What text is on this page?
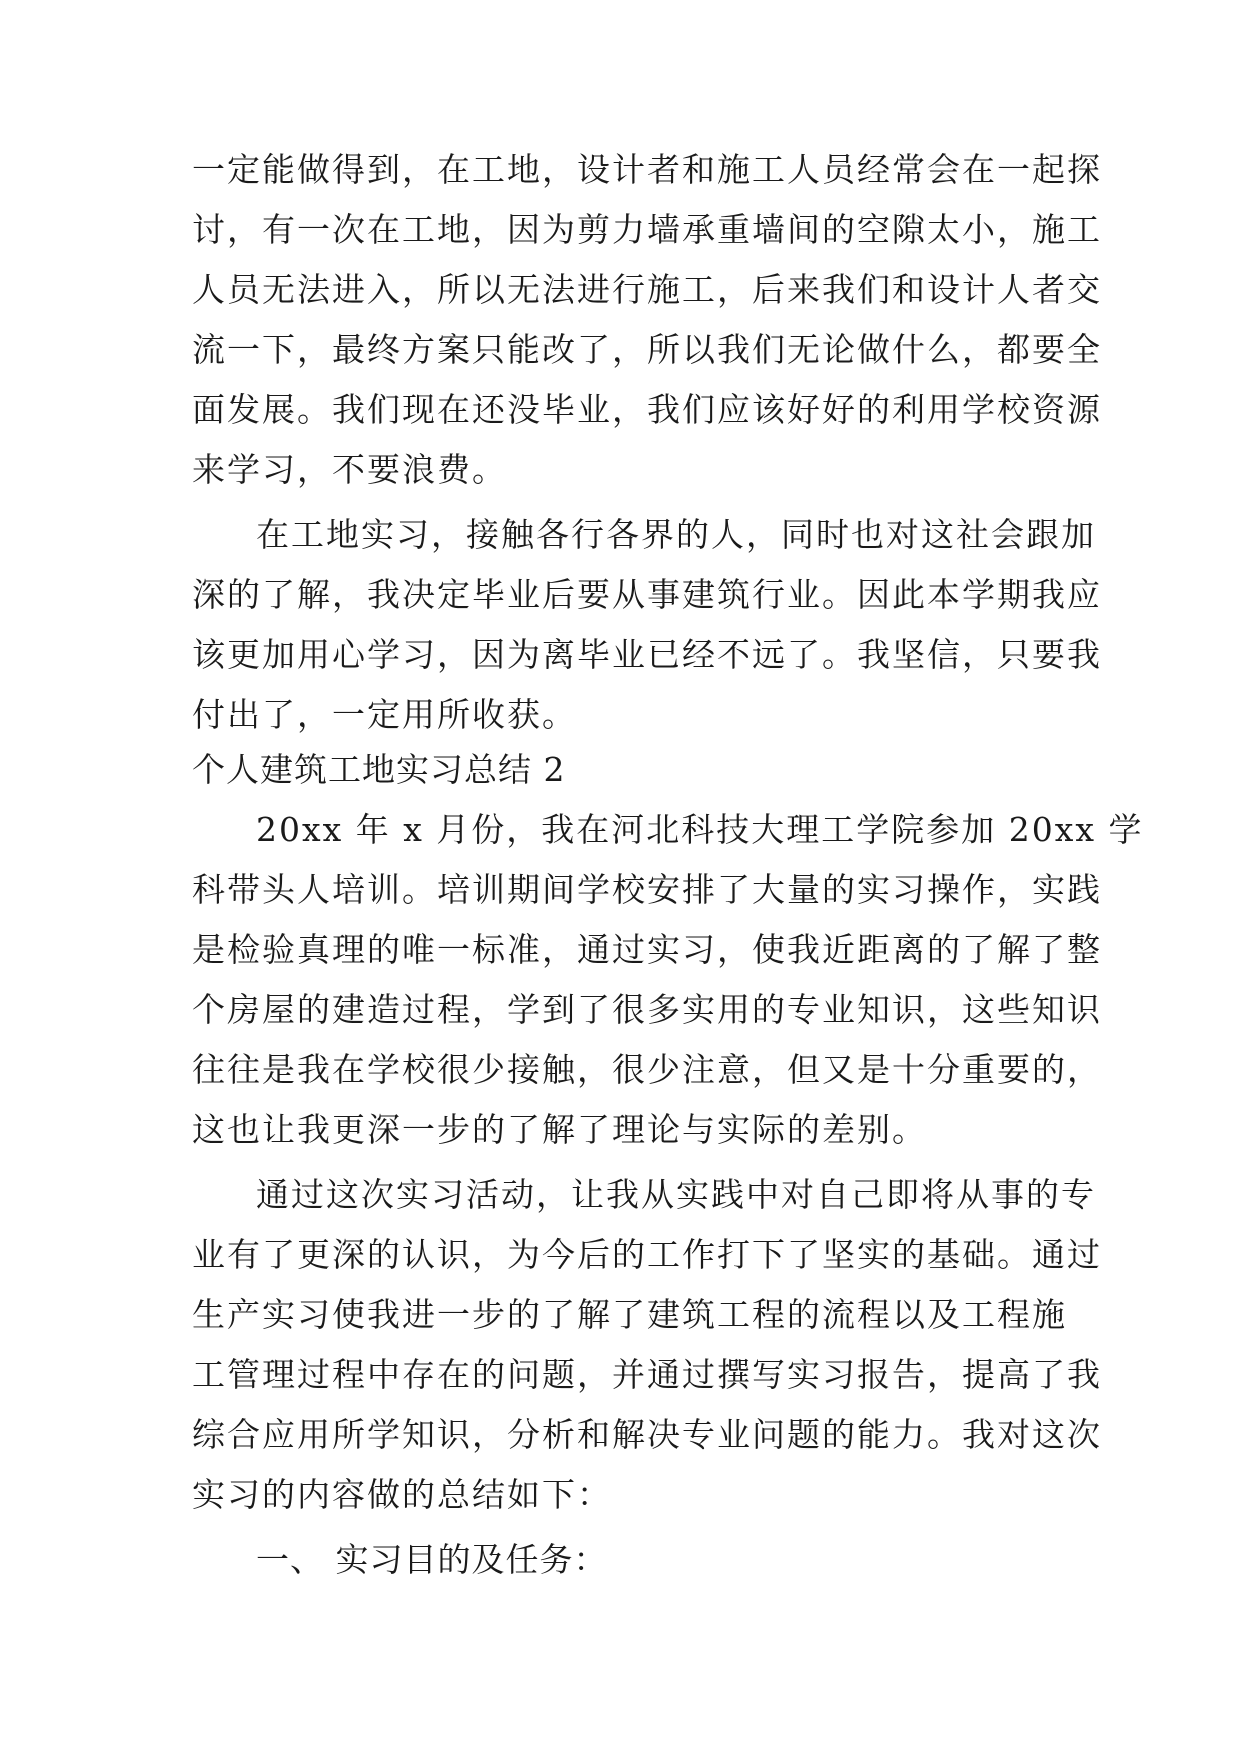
一定能做得到，在工地，设计者和施工人员经常会在一起探
讨，有一次在工地，因为剪力墙承重墙间的空隙太小，施工
人员无法进入，所以无法进行施工，后来我们和设计人者交
流一下，最终方案只能改了，所以我们无论做什么，都要全
面发展。我们现在还没毕业，我们应该好好的利用学校资源
来学习，不要浪费。
在工地实习，接触各行各界的人，同时也对这社会跟加
深的了解，我决定毕业后要从事建筑行业。因此本学期我应
该更加用心学习，因为离毕业已经不远了。我坚信，只要我
付出了，一定用所收获。
个人建筑工地实习总结 2
20xx 年 x 月份，我在河北科技大理工学院参加 20xx 学
科带头人培训。培训期间学校安排了大量的实习操作，实践
是检验真理的唯一标准，通过实习，使我近距离的了解了整
个房屋的建造过程，学到了很多实用的专业知识，这些知识
往往是我在学校很少接触，很少注意，但又是十分重要的，
这也让我更深一步的了解了理论与实际的差别。
通过这次实习活动，让我从实践中对自己即将从事的专
业有了更深的认识，为今后的工作打下了坚实的基础。通过
生产实习使我进一步的了解了建筑工程的流程以及工程施
工管理过程中存在的问题，并通过撰写实习报告，提高了我
综合应用所学知识，分析和解决专业问题的能力。我对这次
实习的内容做的总结如下：
一、 实习目的及任务：
